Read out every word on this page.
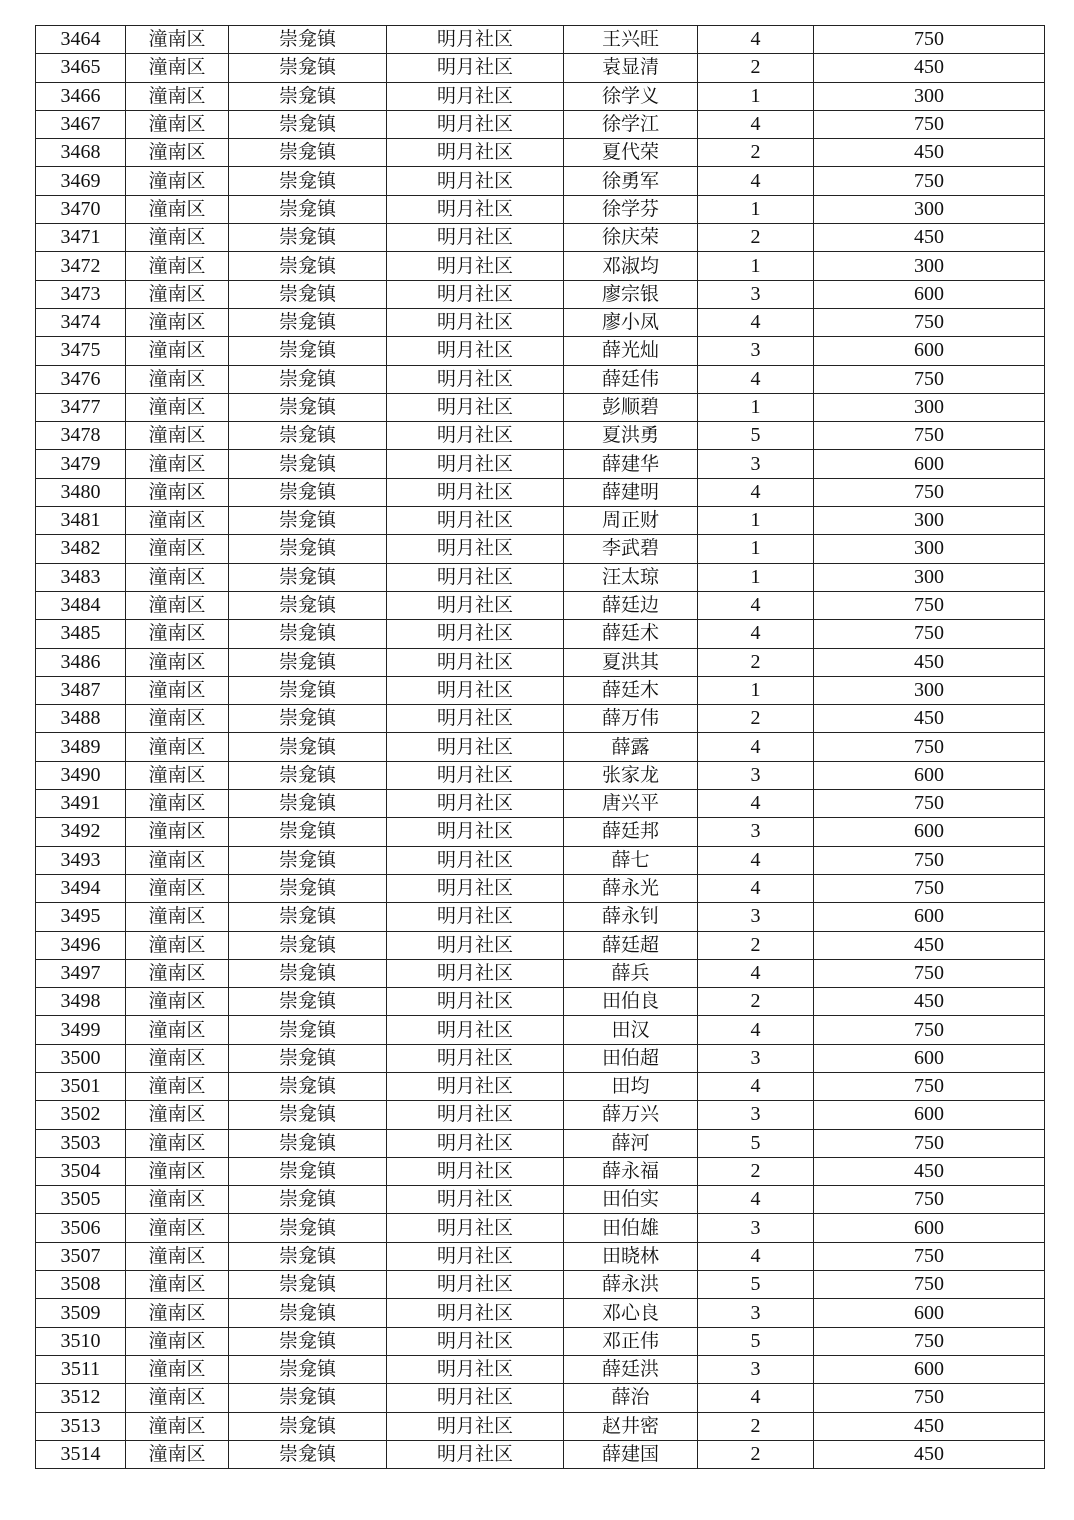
3464	潼南区	崇龛镇	明月社区	王兴旺	4	750
3465	潼南区	崇龛镇	明月社区	袁显清	2	450
3466	潼南区	崇龛镇	明月社区	徐学义	1	300
3467	潼南区	崇龛镇	明月社区	徐学江	4	750
3468	潼南区	崇龛镇	明月社区	夏代荣	2	450
3469	潼南区	崇龛镇	明月社区	徐勇军	4	750
3470	潼南区	崇龛镇	明月社区	徐学芬	1	300
3471	潼南区	崇龛镇	明月社区	徐庆荣	2	450
3472	潼南区	崇龛镇	明月社区	邓淑均	1	300
3473	潼南区	崇龛镇	明月社区	廖宗银	3	600
3474	潼南区	崇龛镇	明月社区	廖小凤	4	750
3475	潼南区	崇龛镇	明月社区	薛光灿	3	600
3476	潼南区	崇龛镇	明月社区	薛廷伟	4	750
3477	潼南区	崇龛镇	明月社区	彭顺碧	1	300
3478	潼南区	崇龛镇	明月社区	夏洪勇	5	750
3479	潼南区	崇龛镇	明月社区	薛建华	3	600
3480	潼南区	崇龛镇	明月社区	薛建明	4	750
3481	潼南区	崇龛镇	明月社区	周正财	1	300
3482	潼南区	崇龛镇	明月社区	李武碧	1	300
3483	潼南区	崇龛镇	明月社区	汪太琼	1	300
3484	潼南区	崇龛镇	明月社区	薛廷边	4	750
3485	潼南区	崇龛镇	明月社区	薛廷术	4	750
3486	潼南区	崇龛镇	明月社区	夏洪其	2	450
3487	潼南区	崇龛镇	明月社区	薛廷木	1	300
3488	潼南区	崇龛镇	明月社区	薛万伟	2	450
3489	潼南区	崇龛镇	明月社区	薛露	4	750
3490	潼南区	崇龛镇	明月社区	张家龙	3	600
3491	潼南区	崇龛镇	明月社区	唐兴平	4	750
3492	潼南区	崇龛镇	明月社区	薛廷邦	3	600
3493	潼南区	崇龛镇	明月社区	薛七	4	750
3494	潼南区	崇龛镇	明月社区	薛永光	4	750
3495	潼南区	崇龛镇	明月社区	薛永钊	3	600
3496	潼南区	崇龛镇	明月社区	薛廷超	2	450
3497	潼南区	崇龛镇	明月社区	薛兵	4	750
3498	潼南区	崇龛镇	明月社区	田伯良	2	450
3499	潼南区	崇龛镇	明月社区	田汉	4	750
3500	潼南区	崇龛镇	明月社区	田伯超	3	600
3501	潼南区	崇龛镇	明月社区	田均	4	750
3502	潼南区	崇龛镇	明月社区	薛万兴	3	600
3503	潼南区	崇龛镇	明月社区	薛河	5	750
3504	潼南区	崇龛镇	明月社区	薛永福	2	450
3505	潼南区	崇龛镇	明月社区	田伯实	4	750
3506	潼南区	崇龛镇	明月社区	田伯雄	3	600
3507	潼南区	崇龛镇	明月社区	田晓林	4	750
3508	潼南区	崇龛镇	明月社区	薛永洪	5	750
3509	潼南区	崇龛镇	明月社区	邓心良	3	600
3510	潼南区	崇龛镇	明月社区	邓正伟	5	750
3511	潼南区	崇龛镇	明月社区	薛廷洪	3	600
3512	潼南区	崇龛镇	明月社区	薛治	4	750
3513	潼南区	崇龛镇	明月社区	赵井密	2	450
3514	潼南区	崇龛镇	明月社区	薛建国	2	450
